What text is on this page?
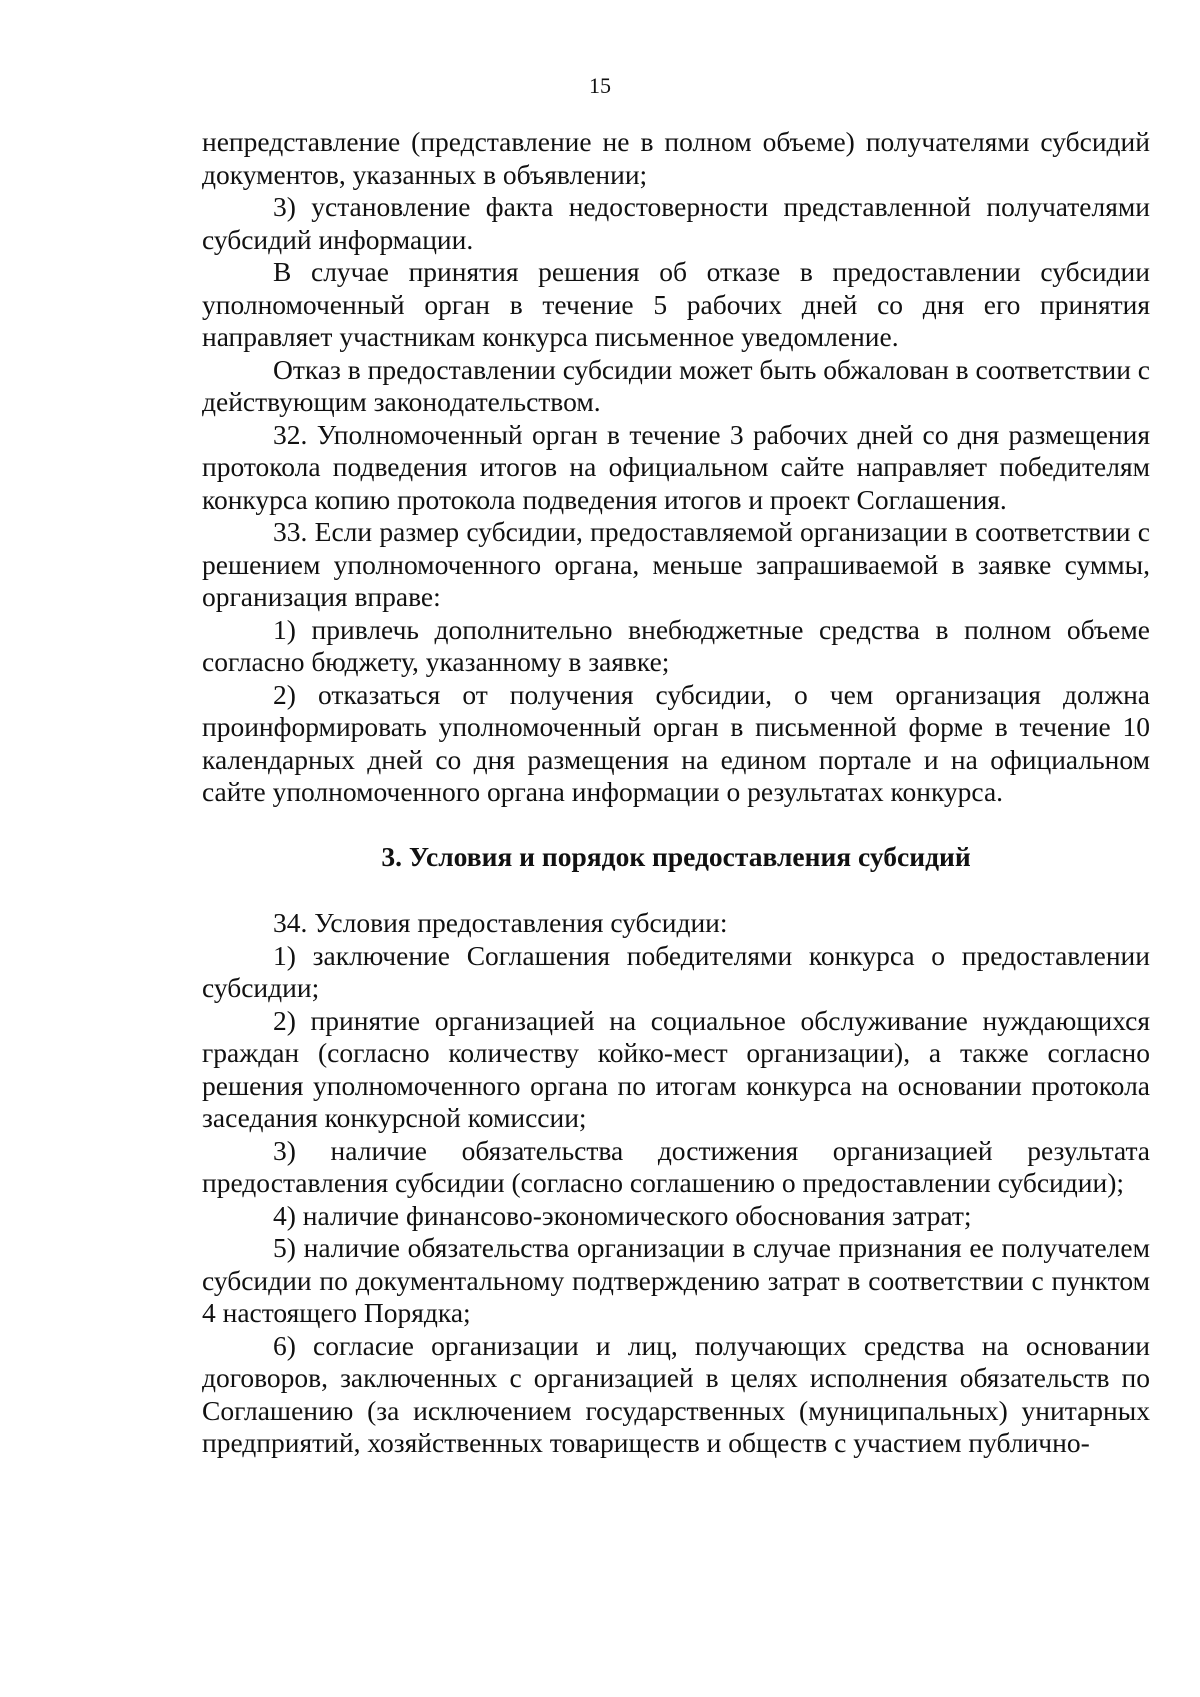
15

непредставление (представление не в полном объеме) получателями субсидий документов, указанных в объявлении;

3) установление факта недостоверности представленной получателями субсидий информации.

В случае принятия решения об отказе в предоставлении субсидии уполномоченный орган в течение 5 рабочих дней со дня его принятия направляет участникам конкурса письменное уведомление.

Отказ в предоставлении субсидии может быть обжалован в соответствии с действующим законодательством.

32. Уполномоченный орган в течение 3 рабочих дней со дня размещения протокола подведения итогов на официальном сайте направляет победителям конкурса копию протокола подведения итогов и проект Соглашения.

33. Если размер субсидии, предоставляемой организации в соответствии с решением уполномоченного органа, меньше запрашиваемой в заявке суммы, организация вправе:

1) привлечь дополнительно внебюджетные средства в полном объеме согласно бюджету, указанному в заявке;

2) отказаться от получения субсидии, о чем организация должна проинформировать уполномоченный орган в письменной форме в течение 10 календарных дней со дня размещения на едином портале и на официальном сайте уполномоченного органа информации о результатах конкурса.

3. Условия и порядок предоставления субсидий

34. Условия предоставления субсидии:

1) заключение Соглашения победителями конкурса о предоставлении субсидии;

2) принятие организацией на социальное обслуживание нуждающихся граждан (согласно количеству койко-мест организации), а также согласно решения уполномоченного органа по итогам конкурса на основании протокола заседания конкурсной комиссии;

3) наличие обязательства достижения организацией результата предоставления субсидии (согласно соглашению о предоставлении субсидии);

4) наличие финансово-экономического обоснования затрат;

5) наличие обязательства организации в случае признания ее получателем субсидии по документальному подтверждению затрат в соответствии с пунктом 4 настоящего Порядка;

6) согласие организации и лиц, получающих средства на основании договоров, заключенных с организацией в целях исполнения обязательств по Соглашению (за исключением государственных (муниципальных) унитарных предприятий, хозяйственных товариществ и обществ с участием публично-
